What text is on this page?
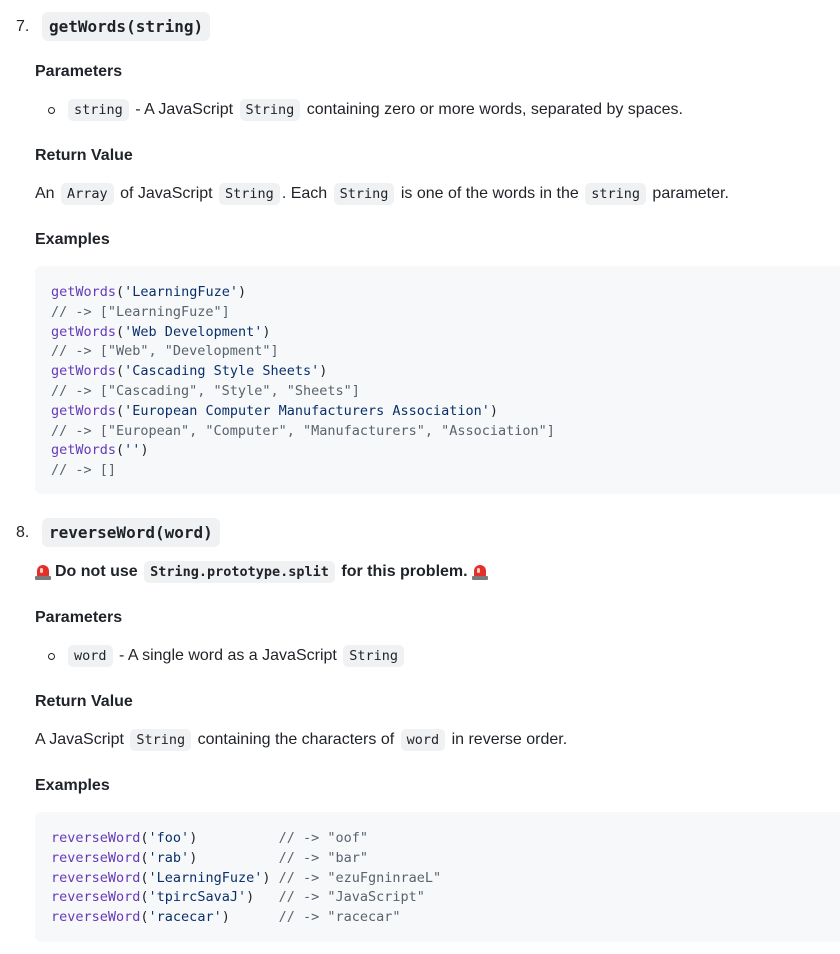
7.	getWords(string)
Parameters
string - A JavaScript String containing zero or more words, separated by spaces.
Return Value
An Array of JavaScript String . Each String is one of the words in the string parameter.
Examples
getWords('LearningFuze')
// -> ["LearningFuze"]
getWords('Web Development')
// -> ["Web", "Development"]
getWords('Cascading Style Sheets')
// -> ["Cascading", "Style", "Sheets"]
getWords('European Computer Manufacturers Association')
// -> ["European", "Computer", "Manufacturers", "Association"]
getWords('')
// -> []
8.	reverseWord(word)
Do not use String.prototype.split for this problem.
Parameters
word - A single word as a JavaScript String
Return Value
A JavaScript String containing the characters of word in reverse order.
Examples
reverseWord('foo')          // -> "oof"
reverseWord('rab')          // -> "bar"
reverseWord('LearningFuze') // -> "ezuFgninraeL"
reverseWord('tpircSavaJ')   // -> "JavaScript"
reverseWord('racecar')      // -> "racecar"
